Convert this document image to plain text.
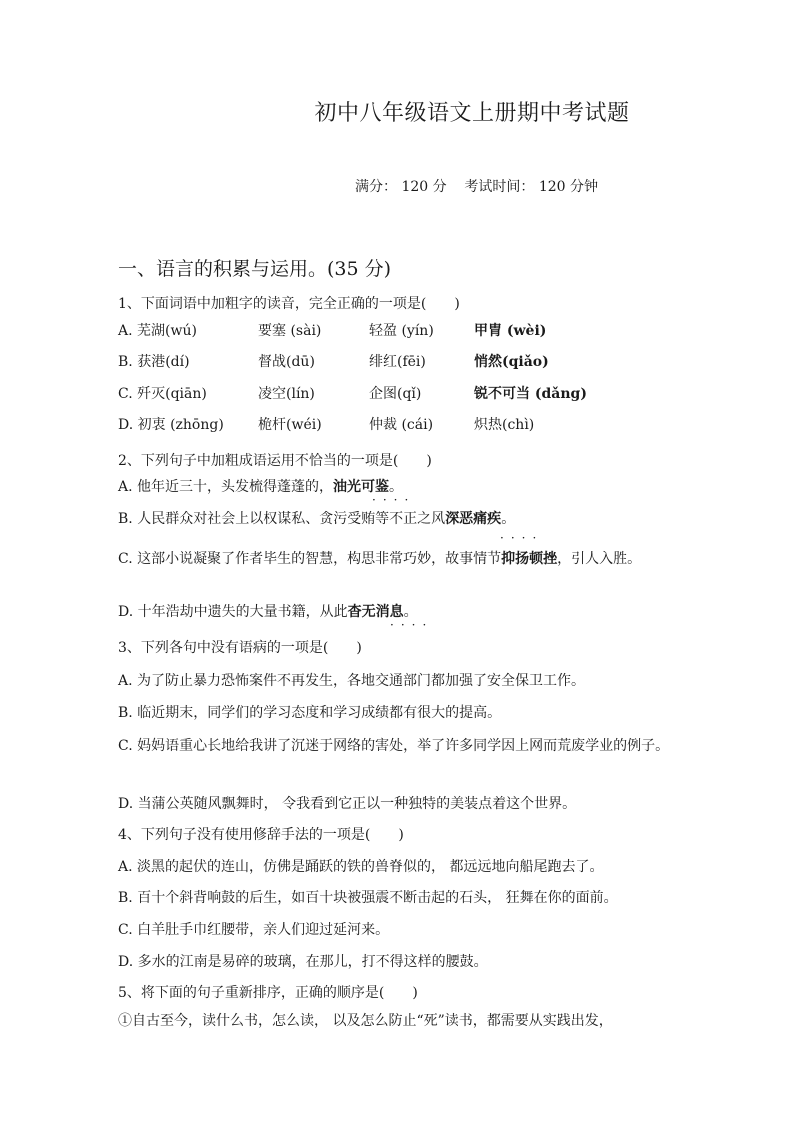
初中八年级语文上册期中考试题
满分： 120 分    考试时间： 120 分钟
一、语言的积累与运用。(35 分)
1、下面词语中加粗字的读音，完全正确的一项是(　　)
A. 芜湖(wú)	要塞 (sài)	轻盈 (yín)	甲胄 (wèi)
B. 获港(dí)	督战(dū)	绯红(fēi)	悄然(qiǎo)
C. 歼灭(qiān)	凌空(lín)	企图(qǐ)	锐不可当 (dǎng)
D. 初衷 (zhōng) 桅杆(wéi)	仲裁 (cái)	炽热(chì)
2、下列句子中加粗成语运用不恰当的一项是(　　)
A. 他年近三十，头发梳得蓬蓬的，油光可鉴。
····
B. 人民群众对社会上以权谋私、贪污受贿等不正之风深恶痛疾。
····
C. 这部小说凝聚了作者毕生的智慧，构思非常巧妙，故事情节抑扬顿挫，引人入胜。
D. 十年浩劫中遗失的大量书籍，从此杳无消息。
····
3、下列各句中没有语病的一项是(　　)
A. 为了防止暴力恐怖案件不再发生，各地交通部门都加强了安全保卫工作。
B. 临近期末，同学们的学习态度和学习成绩都有很大的提高。
C. 妈妈语重心长地给我讲了沉迷于网络的害处，举了许多同学因上网而荒废学业的例子。
D. 当蒲公英随风飘舞时， 令我看到它正以一种独特的美装点着这个世界。
4、下列句子没有使用修辞手法的一项是(　　)
A. 淡黑的起伏的连山，仿佛是踊跃的铁的兽脊似的， 都远远地向船尾跑去了。
B. 百十个斜背响鼓的后生，如百十块被强震不断击起的石头， 狂舞在你的面前。
C. 白羊肚手巾红腰带，亲人们迎过延河来。
D. 多水的江南是易碎的玻璃，在那儿，打不得这样的腰鼓。
5、将下面的句子重新排序，正确的顺序是(　　)
①自古至今，读什么书，怎么读， 以及怎么防止“死”读书，都需要从实践出发，
